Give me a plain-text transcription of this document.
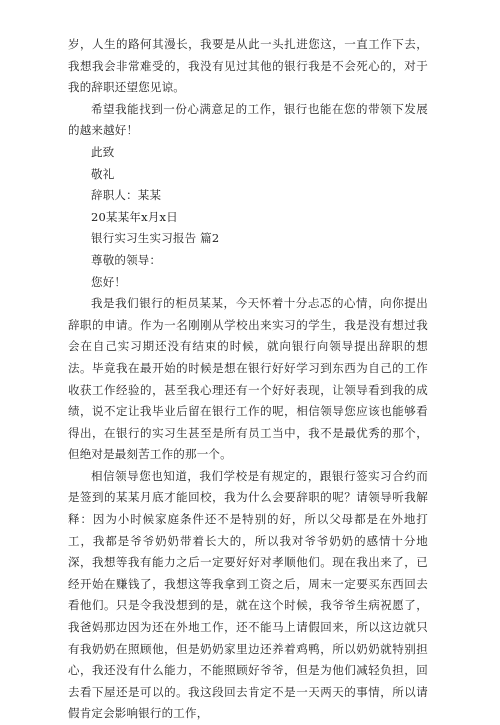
岁，人生的路何其漫长，我要是从此一头扎进您这，一直工作下去，我想我会非常难受的，我没有见过其他的银行我是不会死心的，对于我的辞职还望您见谅。

希望我能找到一份心满意足的工作，银行也能在您的带领下发展的越来越好！

此致

敬礼

辞职人：某某

20某某年x月x日

银行实习生实习报告 篇2

尊敬的领导：

您好！

我是我们银行的柜员某某，今天怀着十分忐忑的心情，向你提出辞职的申请。作为一名刚刚从学校出来实习的学生，我是没有想过我会在自己实习期还没有结束的时候，就向银行向领导提出辞职的想法。毕竟我在最开始的时候是想在银行好好学习到东西为自己的工作收获工作经验的，甚至我心理还有一个好好表现，让领导看到我的成绩，说不定让我毕业后留在银行工作的呢，相信领导您应该也能够看得出，在银行的实习生甚至是所有员工当中，我不是最优秀的那个，但绝对是最刻苦工作的那一个。

相信领导您也知道，我们学校是有规定的，跟银行签实习合约而是签到的某某月底才能回校，我为什么会要辞职的呢？请领导听我解释：因为小时候家庭条件还不是特别的好，所以父母都是在外地打工，我都是爷爷奶奶带着长大的，所以我对爷爷奶奶的感情十分地深，我想等我有能力之后一定要好好对孝顺他们。现在我出来了，已经开始在赚钱了，我想这等我拿到工资之后，周末一定要买东西回去看他们。只是令我没想到的是，就在这个时候，我爷爷生病祝愿了，我爸妈那边因为还在外地工作，还不能马上请假回来，所以这边就只有我奶奶在照顾他，但是奶奶家里边还养着鸡鸭，所以奶奶就特别担心，我还没有什么能力，不能照顾好爷爷，但是为他们减轻负担，回去看下屋还是可以的。我这段回去肯定不是一天两天的事情，所以请假肯定会影响银行的工作，
